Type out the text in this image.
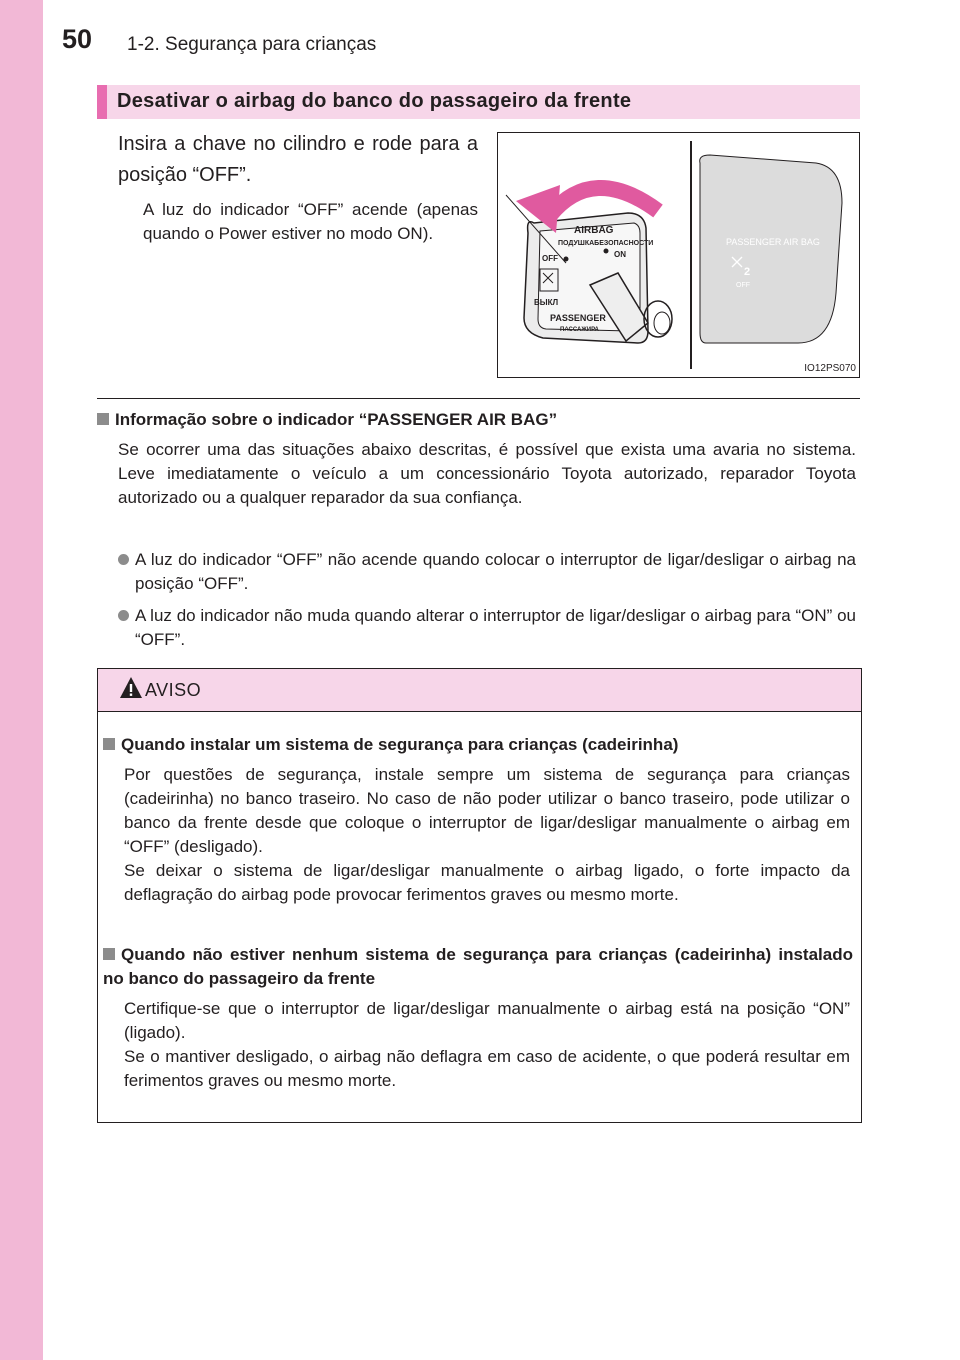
50 1-2. Segurança para crianças
Desativar o airbag do banco do passageiro da frente
Insira a chave no cilindro e rode para a posição “OFF”.
A luz do indicador “OFF” acende (apenas quando o Power estiver no modo ON).	AIRBAG
ПОДУШКАБЕЗОПАСНОСТИ
OFF	ON
ВЫКЛ
PASSENGER
ПАССАЖИРА
PASSENGER AIR BAG
2
OFF
IO12PS070
Informação sobre o indicador “PASSENGER AIR BAG”
Se ocorrer uma das situações abaixo descritas, é possível que exista uma avaria no sistema. Leve imediatamente o veículo a um concessionário Toyota autorizado, reparador Toyota autorizado ou a qualquer reparador da sua confiança.
A luz do indicador “OFF” não acende quando colocar o interruptor de ligar/desligar o airbag na posição “OFF”.
A luz do indicador não muda quando alterar o interruptor de ligar/desligar o airbag para “ON” ou “OFF”.
AVISO
Quando instalar um sistema de segurança para crianças (cadeirinha)
Por questões de segurança, instale sempre um sistema de segurança para crianças (cadeirinha) no banco traseiro. No caso de não poder utilizar o banco traseiro, pode utilizar o banco da frente desde que coloque o interruptor de ligar/desligar manualmente o airbag em “OFF” (desligado).
Se deixar o sistema de ligar/desligar manualmente o airbag ligado, o forte impacto da deflagração do airbag pode provocar ferimentos graves ou mesmo morte.
Quando não estiver nenhum sistema de segurança para crianças (cadeirinha) instalado no banco do passageiro da frente
Certifique-se que o interruptor de ligar/desligar manualmente o airbag está na posição “ON” (ligado).
Se o mantiver desligado, o airbag não deflagra em caso de acidente, o que poderá resultar em ferimentos graves ou mesmo morte.
